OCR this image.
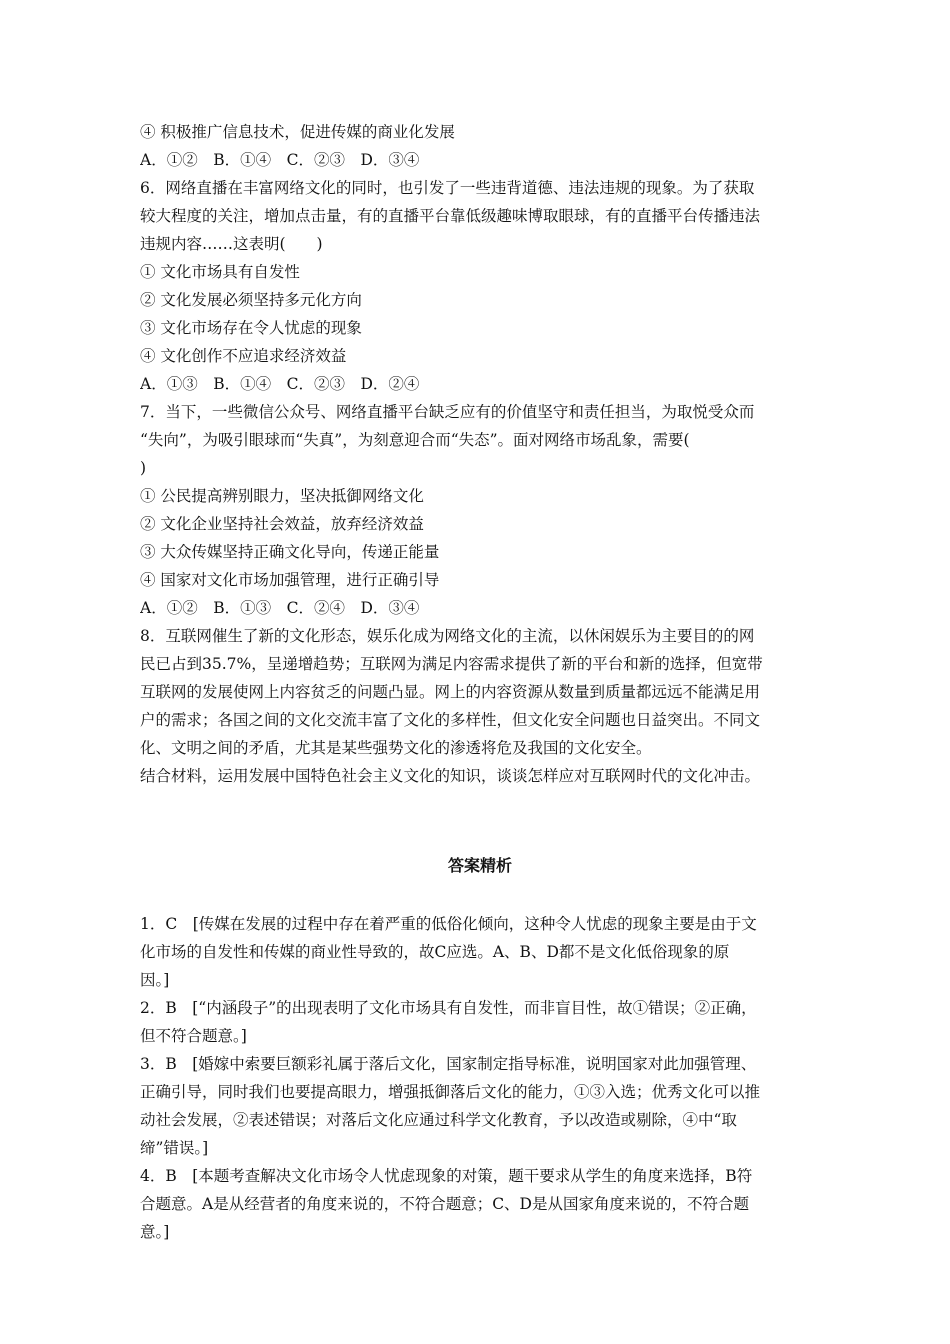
④ 积极推广信息技术，促进传媒的商业化发展
A．①②　B．①④　C．②③　D．③④
6．网络直播在丰富网络文化的同时，也引发了一些违背道德、违法违规的现象。为了获取
较大程度的关注，增加点击量，有的直播平台靠低级趣味博取眼球，有的直播平台传播违法
违规内容……这表明(　　)
① 文化市场具有自发性
② 文化发展必须坚持多元化方向
③ 文化市场存在令人忧虑的现象
④ 文化创作不应追求经济效益
A．①③　B．①④　C．②③　D．②④
7．当下，一些微信公众号、网络直播平台缺乏应有的价值坚守和责任担当，为取悦受众而
“失向”，为吸引眼球而“失真”，为刻意迎合而“失态”。面对网络市场乱象，需要(
)
① 公民提高辨别眼力，坚决抵御网络文化
② 文化企业坚持社会效益，放弃经济效益
③ 大众传媒坚持正确文化导向，传递正能量
④ 国家对文化市场加强管理，进行正确引导
A．①②　B．①③　C．②④　D．③④
8．互联网催生了新的文化形态，娱乐化成为网络文化的主流，以休闲娱乐为主要目的的网
民已占到35.7%，呈递增趋势；互联网为满足内容需求提供了新的平台和新的选择，但宽带
互联网的发展使网上内容贫乏的问题凸显。网上的内容资源从数量到质量都远远不能满足用
户的需求；各国之间的文化交流丰富了文化的多样性，但文化安全问题也日益突出。不同文
化、文明之间的矛盾，尤其是某些强势文化的渗透将危及我国的文化安全。
结合材料，运用发展中国特色社会主义文化的知识，谈谈怎样应对互联网时代的文化冲击。
答案精析
1．C　[传媒在发展的过程中存在着严重的低俗化倾向，这种令人忧虑的现象主要是由于文
化市场的自发性和传媒的商业性导致的，故C应选。A、B、D都不是文化低俗现象的原
因。]
2．B　[“内涵段子”的出现表明了文化市场具有自发性，而非盲目性，故①错误；②正确，
但不符合题意。]
3．B　[婚嫁中索要巨额彩礼属于落后文化，国家制定指导标准，说明国家对此加强管理、
正确引导，同时我们也要提高眼力，增强抵御落后文化的能力，①③入选；优秀文化可以推
动社会发展，②表述错误；对落后文化应通过科学文化教育，予以改造或剔除，④中“取
缔”错误。]
4．B　[本题考查解决文化市场令人忧虑现象的对策，题干要求从学生的角度来选择，B符
合题意。A是从经营者的角度来说的，不符合题意；C、D是从国家角度来说的，不符合题
意。]
